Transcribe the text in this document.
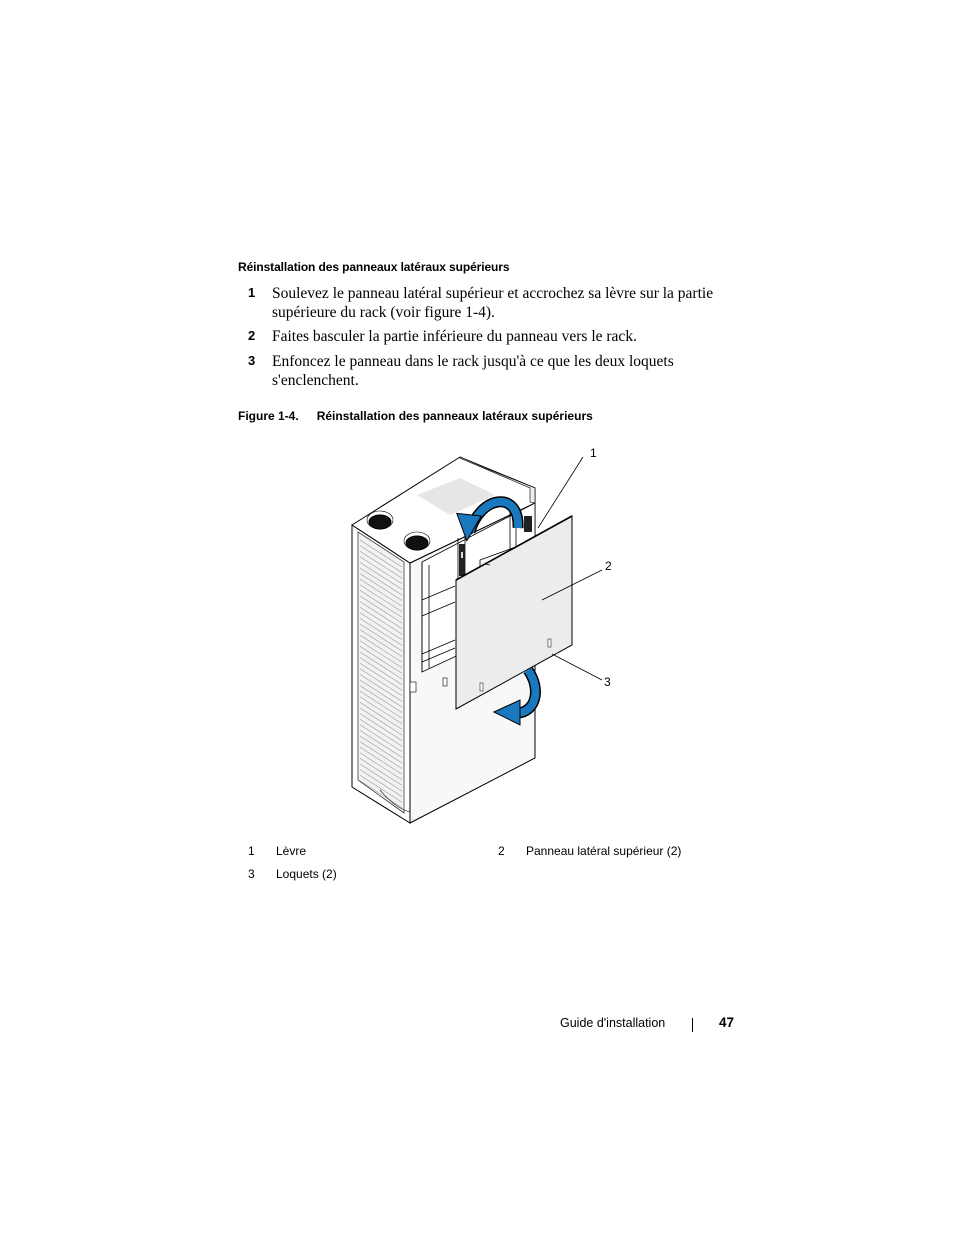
Réinstallation des panneaux latéraux supérieurs
1 Soulevez le panneau latéral supérieur et accrochez sa lèvre sur la partie supérieure du rack (voir figure 1-4).
2 Faites basculer la partie inférieure du panneau vers le rack.
3 Enfoncez le panneau dans le rack jusqu'à ce que les deux loquets s'enclenchent.
Figure 1-4. Réinstallation des panneaux latéraux supérieurs
1
2
3
1 Lèvre	2 Panneau latéral supérieur (2)
3 Loquets (2)
Guide d'installation	47
